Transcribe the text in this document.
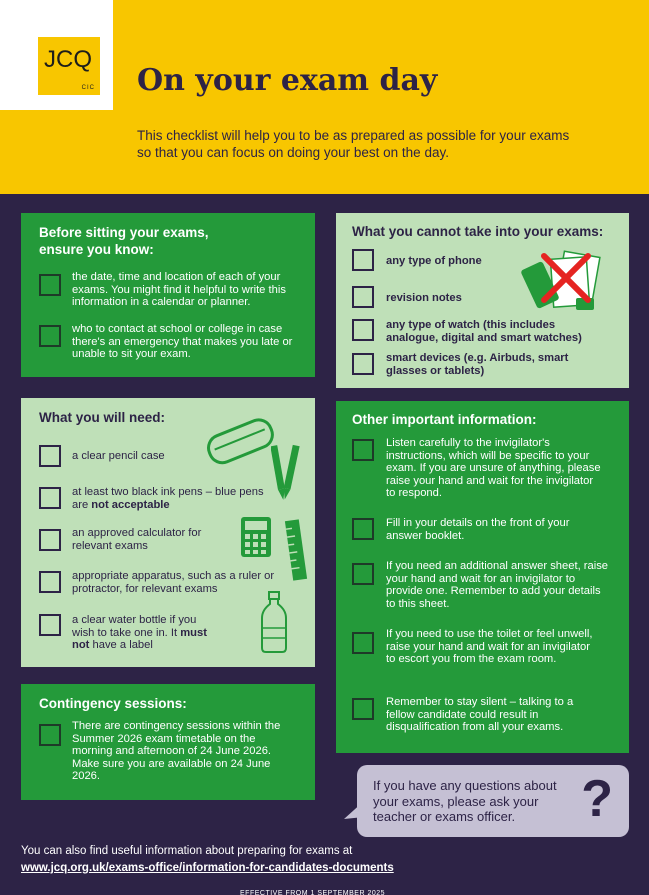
JCQ
CIC On your exam day
This checklist will help you to be as prepared as possible for your exams so that you can focus on doing your best on the day.
Before sitting your exams, ensure you know:
the date, time and location of each of your exams. You might find it helpful to write this information in a calendar or planner.
who to contact at school or college in case there's an emergency that makes you late or unable to sit your exam.
What you cannot take into your exams:
any type of phone
revision notes
any type of watch (this includes analogue, digital and smart watches)
smart devices (e.g. Airbuds, smart glasses or tablets)
What you will need:
a clear pencil case
at least two black ink pens – blue pens are not acceptable
an approved calculator for relevant exams
appropriate apparatus, such as a ruler or protractor, for relevant exams
a clear water bottle if you wish to take one in. It must not have a label
Other important information:
Listen carefully to the invigilator's instructions, which will be specific to your exam. If you are unsure of anything, please raise your hand and wait for the invigilator to respond.
Fill in your details on the front of your answer booklet.
If you need an additional answer sheet, raise your hand and wait for an invigilator to provide one. Remember to add your details to this sheet.
If you need to use the toilet or feel unwell, raise your hand and wait for an invigilator to escort you from the exam room.
Remember to stay silent – talking to a fellow candidate could result in disqualification from all your exams.
Contingency sessions:
There are contingency sessions within the Summer 2026 exam timetable on the morning and afternoon of 24 June 2026. Make sure you are available on 24 June 2026.
If you have any questions about your exams, please ask your teacher or exams officer.	?
You can also find useful information about preparing for exams at
www.jcq.org.uk/exams-office/information-for-candidates-documents
EFFECTIVE FROM 1 SEPTEMBER 2025
